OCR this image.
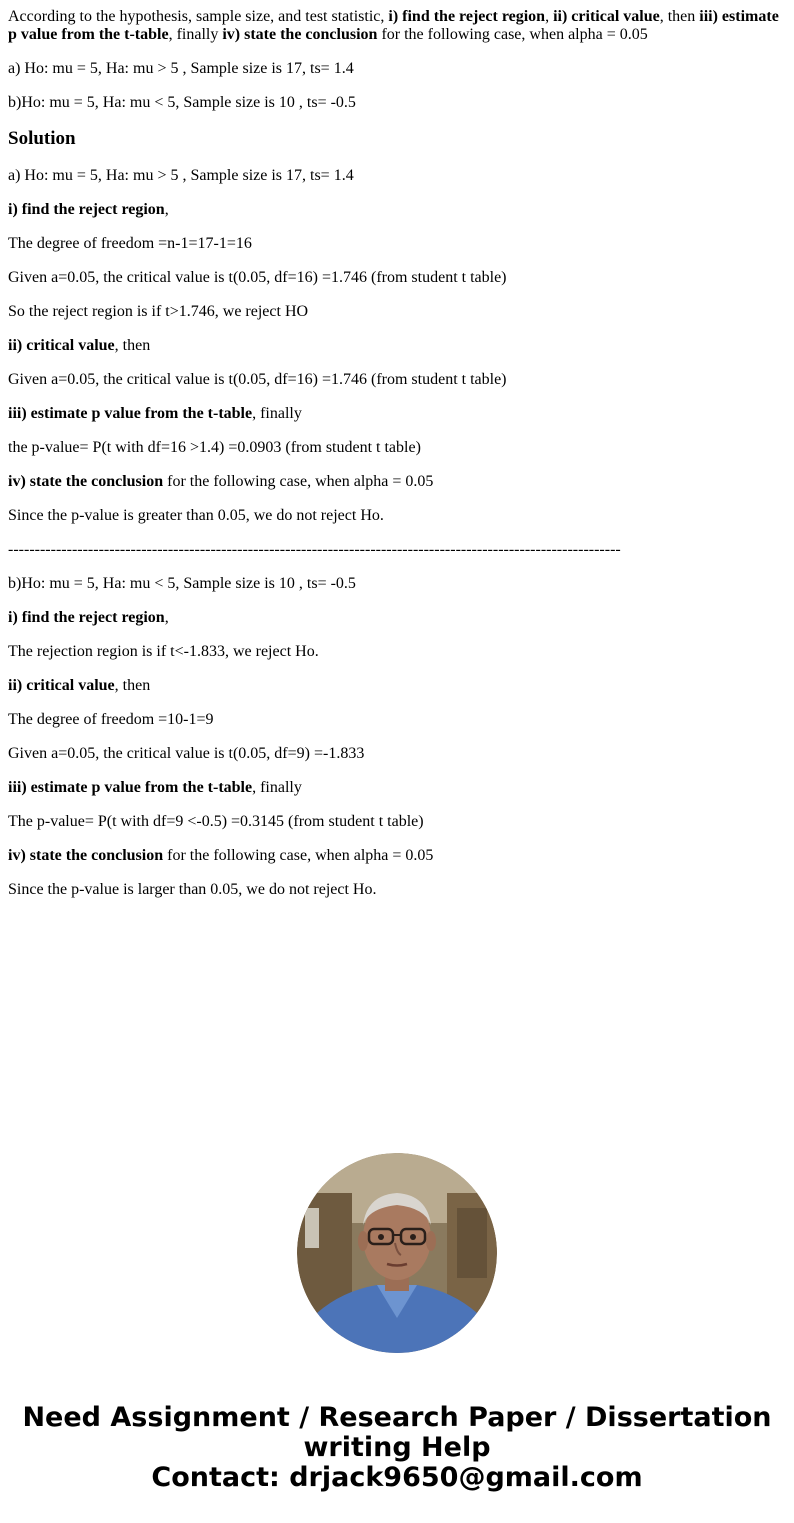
According to the hypothesis, sample size, and test statistic, i) find the reject region, ii) critical value, then iii) estimate p value from the t-table, finally iv) state the conclusion for the following case, when alpha = 0.05

a) Ho: mu = 5, Ha: mu > 5 , Sample size is 17, ts= 1.4

b)Ho: mu = 5, Ha: mu < 5, Sample size is 10 , ts= -0.5

Solution

a) Ho: mu = 5, Ha: mu > 5 , Sample size is 17, ts= 1.4

i) find the reject region,

The degree of freedom =n-1=17-1=16

Given a=0.05, the critical value is t(0.05, df=16) =1.746 (from student t table)

So the reject region is if t>1.746, we reject HO

ii) critical value, then

Given a=0.05, the critical value is t(0.05, df=16) =1.746 (from student t table)

iii) estimate p value from the t-table, finally

the p-value= P(t with df=16 >1.4) =0.0903 (from student t table)

iv) state the conclusion for the following case, when alpha = 0.05

Since the p-value is greater than 0.05, we do not reject Ho.

-------------------------------------------------------------------------------------------------------------------

b)Ho: mu = 5, Ha: mu < 5, Sample size is 10 , ts= -0.5

i) find the reject region,

The rejection region is if t<-1.833, we reject Ho.

ii) critical value, then

The degree of freedom =10-1=9

Given a=0.05, the critical value is t(0.05, df=9) =-1.833

iii) estimate p value from the t-table, finally

The p-value= P(t with df=9 <-0.5) =0.3145 (from student t table)

iv) state the conclusion for the following case, when alpha = 0.05

Since the p-value is larger than 0.05, we do not reject Ho.

Need Assignment / Research Paper / Dissertation
writing Help
Contact: drjack9650@gmail.com
